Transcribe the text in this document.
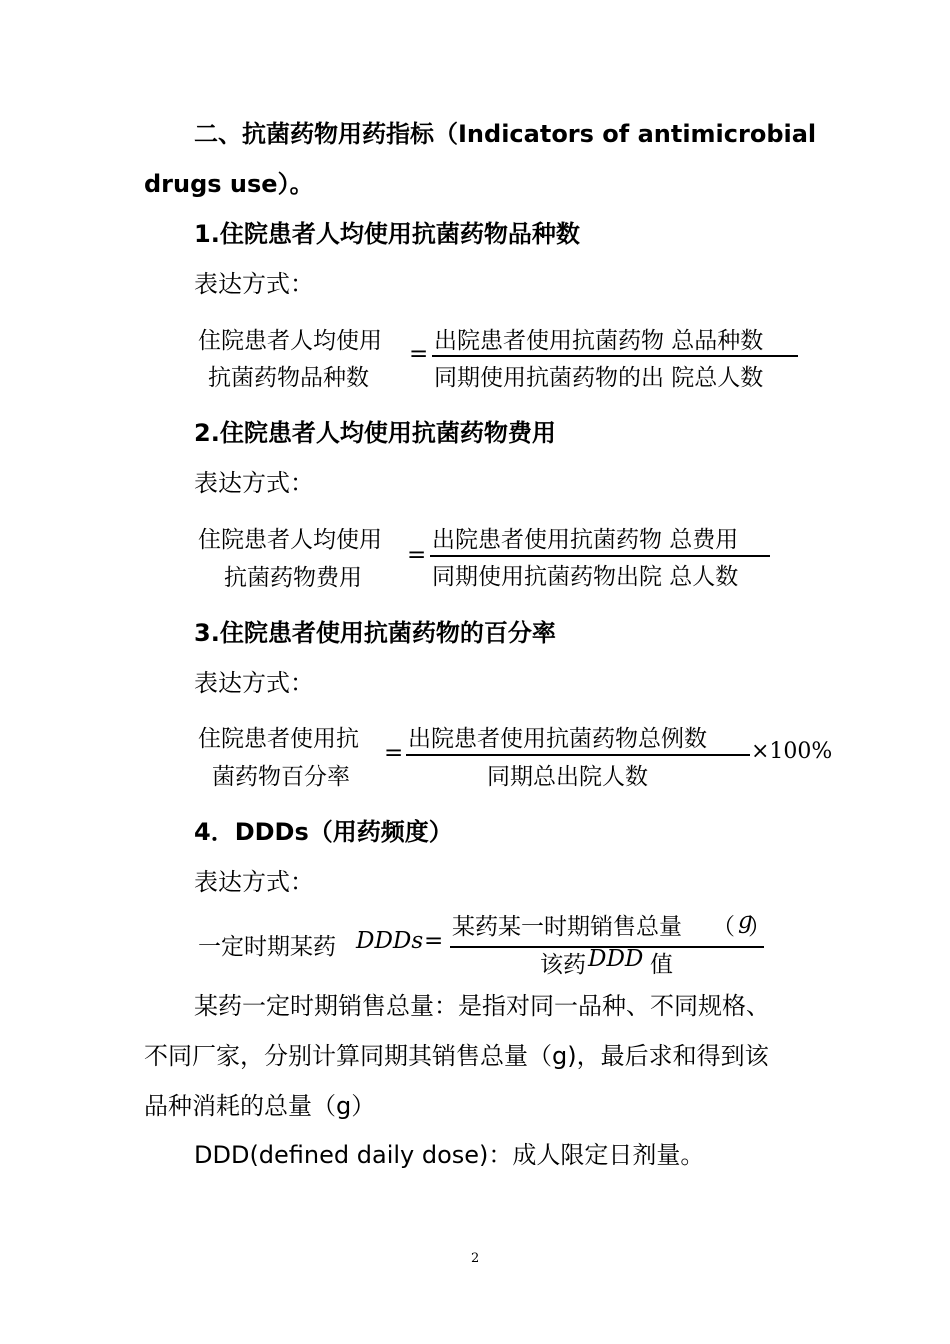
二、抗菌药物用药指标（Indicators of antimicrobial
drugs use）。
1.住院患者人均使用抗菌药物品种数
表达方式：
住院患者人均使用
抗菌药物品种数
= 出院患者使用抗菌药物 总品种数
同期使用抗菌药物的出 院总人数
2.住院患者人均使用抗菌药物费用
表达方式：
住院患者人均使用
抗菌药物费用
=
出院患者使用抗菌药物 总费用
同期使用抗菌药物出院 总人数
3.住院患者使用抗菌药物的百分率
表达方式：
住院患者使用抗
菌药物百分率
=
出院患者使用抗菌药物总例数
同期总出院人数
×100%
4．DDDs（用药频度）
表达方式：
一定时期某药 DDDs =
某药某一时期销售总量 （ g
）
该药 DDD 值
某药一定时期销售总量：是指对同一品种、不同规格、
不同厂家，分别计算同期其销售总量（g)，最后求和得到该
品种消耗的总量（g）
DDD(defined daily dose)：成人限定日剂量。
2
